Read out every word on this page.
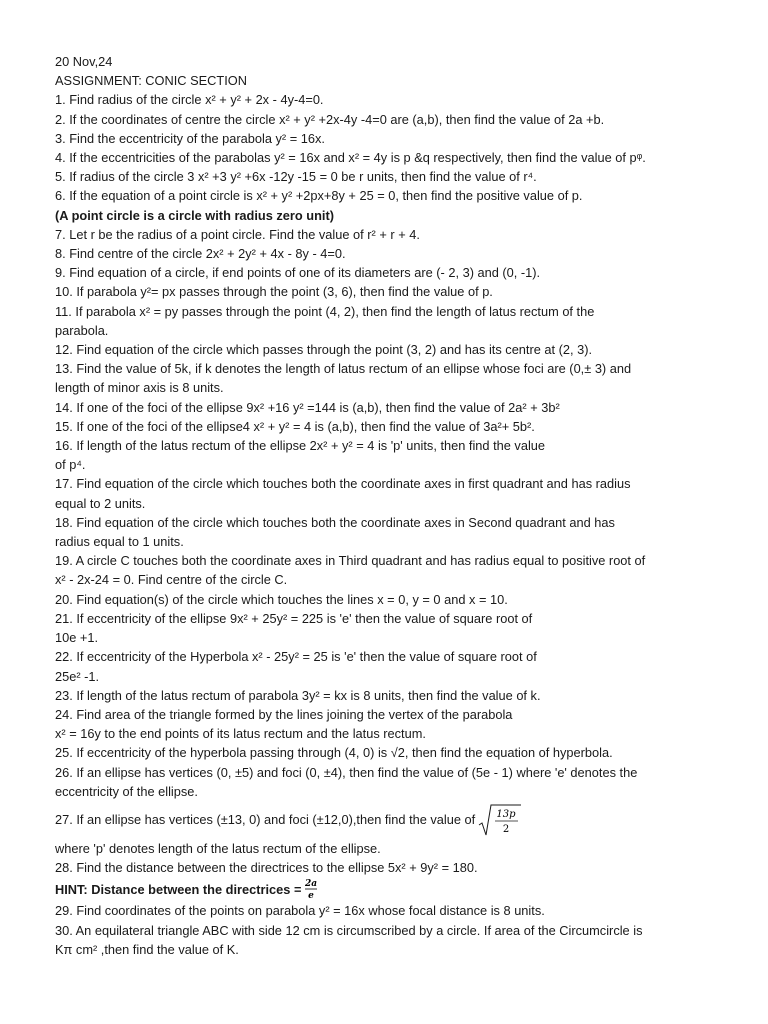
20 Nov,24
ASSIGNMENT: CONIC SECTION
1. Find radius of the circle x² + y² + 2x - 4y-4=0.
2. If the coordinates of centre the circle x² + y² +2x-4y -4=0 are (a,b), then find the value of 2a +b.
3. Find the eccentricity of the parabola y² = 16x.
4. If the eccentricities of the parabolas y² = 16x and x² = 4y is p &q respectively, then find the value of pᵠ.
5. If radius of the circle 3 x² +3 y² +6x -12y -15 = 0 be r units, then find the value of r⁴.
6. If the equation of a point circle is x² + y² +2px+8y + 25 = 0, then find the positive value of p.
(A point circle is a circle with radius zero unit)
7. Let r be the radius of a point circle. Find the value of r² + r + 4.
8. Find centre of the circle 2x² + 2y² + 4x - 8y - 4=0.
9. Find equation of a circle, if end points of one of its diameters are (- 2, 3) and (0, -1).
10. If parabola y²= px passes through the point (3, 6), then find the value of p.
11. If parabola x² = py passes through the point (4, 2), then find the length of latus rectum of the
parabola.
12. Find equation of the circle which passes through the point (3, 2) and has its centre at (2, 3).
13. Find the value of 5k, if k denotes the length of latus rectum of an ellipse whose foci are (0,± 3) and
length of minor axis is 8 units.
14. If one of the foci of the ellipse 9x² +16 y² =144 is (a,b), then find the value of 2a² + 3b²
15. If one of the foci of the ellipse4 x² + y² = 4 is (a,b), then find the value of 3a²+ 5b².
16. If length of the latus rectum of the ellipse 2x² + y² = 4 is 'p' units, then find the value
of p⁴.
17. Find equation of the circle which touches both the coordinate axes in first quadrant and has radius
equal to 2 units.
18. Find equation of the circle which touches both the coordinate axes in Second quadrant and has
radius equal to 1 units.
19. A circle C touches both the coordinate axes in Third quadrant and has radius equal to positive root of
x² - 2x-24 = 0. Find centre of the circle C.
20. Find equation(s) of the circle which touches the lines x = 0, y = 0 and x = 10.
21. If eccentricity of the ellipse 9x² + 25y² = 225 is 'e' then the value of square root of
10e +1.
22. If eccentricity of the Hyperbola x² - 25y² = 25 is 'e' then the value of square root of
25e² -1.
23. If length of the latus rectum of parabola 3y² = kx is 8 units, then find the value of k.
24. Find area of the triangle formed by the lines joining the vertex of the parabola
x² = 16y to the end points of its latus rectum and the latus rectum.
25. If eccentricity of the hyperbola passing through (4, 0) is √2, then find the equation of hyperbola.
26. If an ellipse has vertices (0, ±5) and foci (0, ±4), then find the value of (5e - 1) where 'e' denotes the
eccentricity of the ellipse.
27. If an ellipse has vertices (±13, 0) and foci (±12,0),then find the value of 13p
2
where 'p' denotes length of the latus rectum of the ellipse.
28. Find the distance between the directrices to the ellipse 5x² + 9y² = 180.
HINT: Distance between the directrices = 2a
e
29. Find coordinates of the points on parabola y² = 16x whose focal distance is 8 units.
30. An equilateral triangle ABC with side 12 cm is circumscribed by a circle. If area of the Circumcircle is
Kπ cm² ,then find the value of K.
